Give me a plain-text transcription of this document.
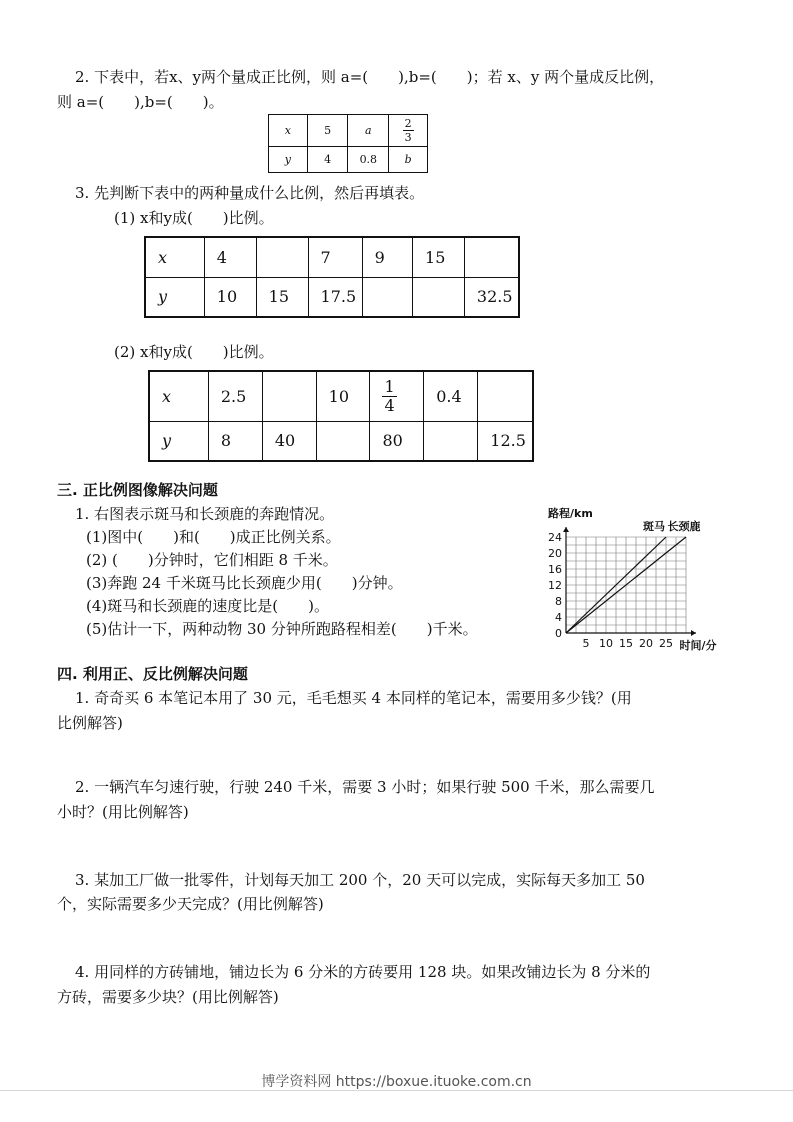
2. 下表中，若x、y两个量成正比例，则 a=(　　),b=(　　)；若 x、y 两个量成反比例，
则 a=(　　),b=(　　)。
x	5	a	$\frac{2}{3}$

y	4	0.8	b
3. 先判断下表中的两种量成什么比例，然后再填表。
(1) x和y成(　　)比例。
x	4		7	9	15	
y	10	15	17.5			32.5
(2) x和y成(　　)比例。
x	2.5		10	$\frac{1}{4}$	0.4	
y	8	40		80		12.5
三. 正比例图像解决问题
1. 右图表示斑马和长颈鹿的奔跑情况。
(1)图中(　　)和(　　)成正比例关系。
(2) (　　)分钟时，它们相距 8 千米。
(3)奔跑 24 千米斑马比长颈鹿少用(　　)分钟。
(4)斑马和长颈鹿的速度比是(　　)。
(5)估计一下，两种动物 30 分钟所跑路程相差(　　)千米。
24
20
16
12
8
4
0
5 10 15 20 25
路程/km
时间/分
斑马 长颈鹿
四. 利用正、反比例解决问题
1. 奇奇买 6 本笔记本用了 30 元，毛毛想买 4 本同样的笔记本，需要用多少钱？(用
比例解答)
2. 一辆汽车匀速行驶，行驶 240 千米，需要 3 小时；如果行驶 500 千米，那么需要几
小时？(用比例解答)
3. 某加工厂做一批零件，计划每天加工 200 个，20 天可以完成，实际每天多加工 50
个，实际需要多少天完成？(用比例解答)
4. 用同样的方砖铺地，铺边长为 6 分米的方砖要用 128 块。如果改铺边长为 8 分米的
方砖，需要多少块？(用比例解答)
博学资料网 https://boxue.ituoke.com.cn
